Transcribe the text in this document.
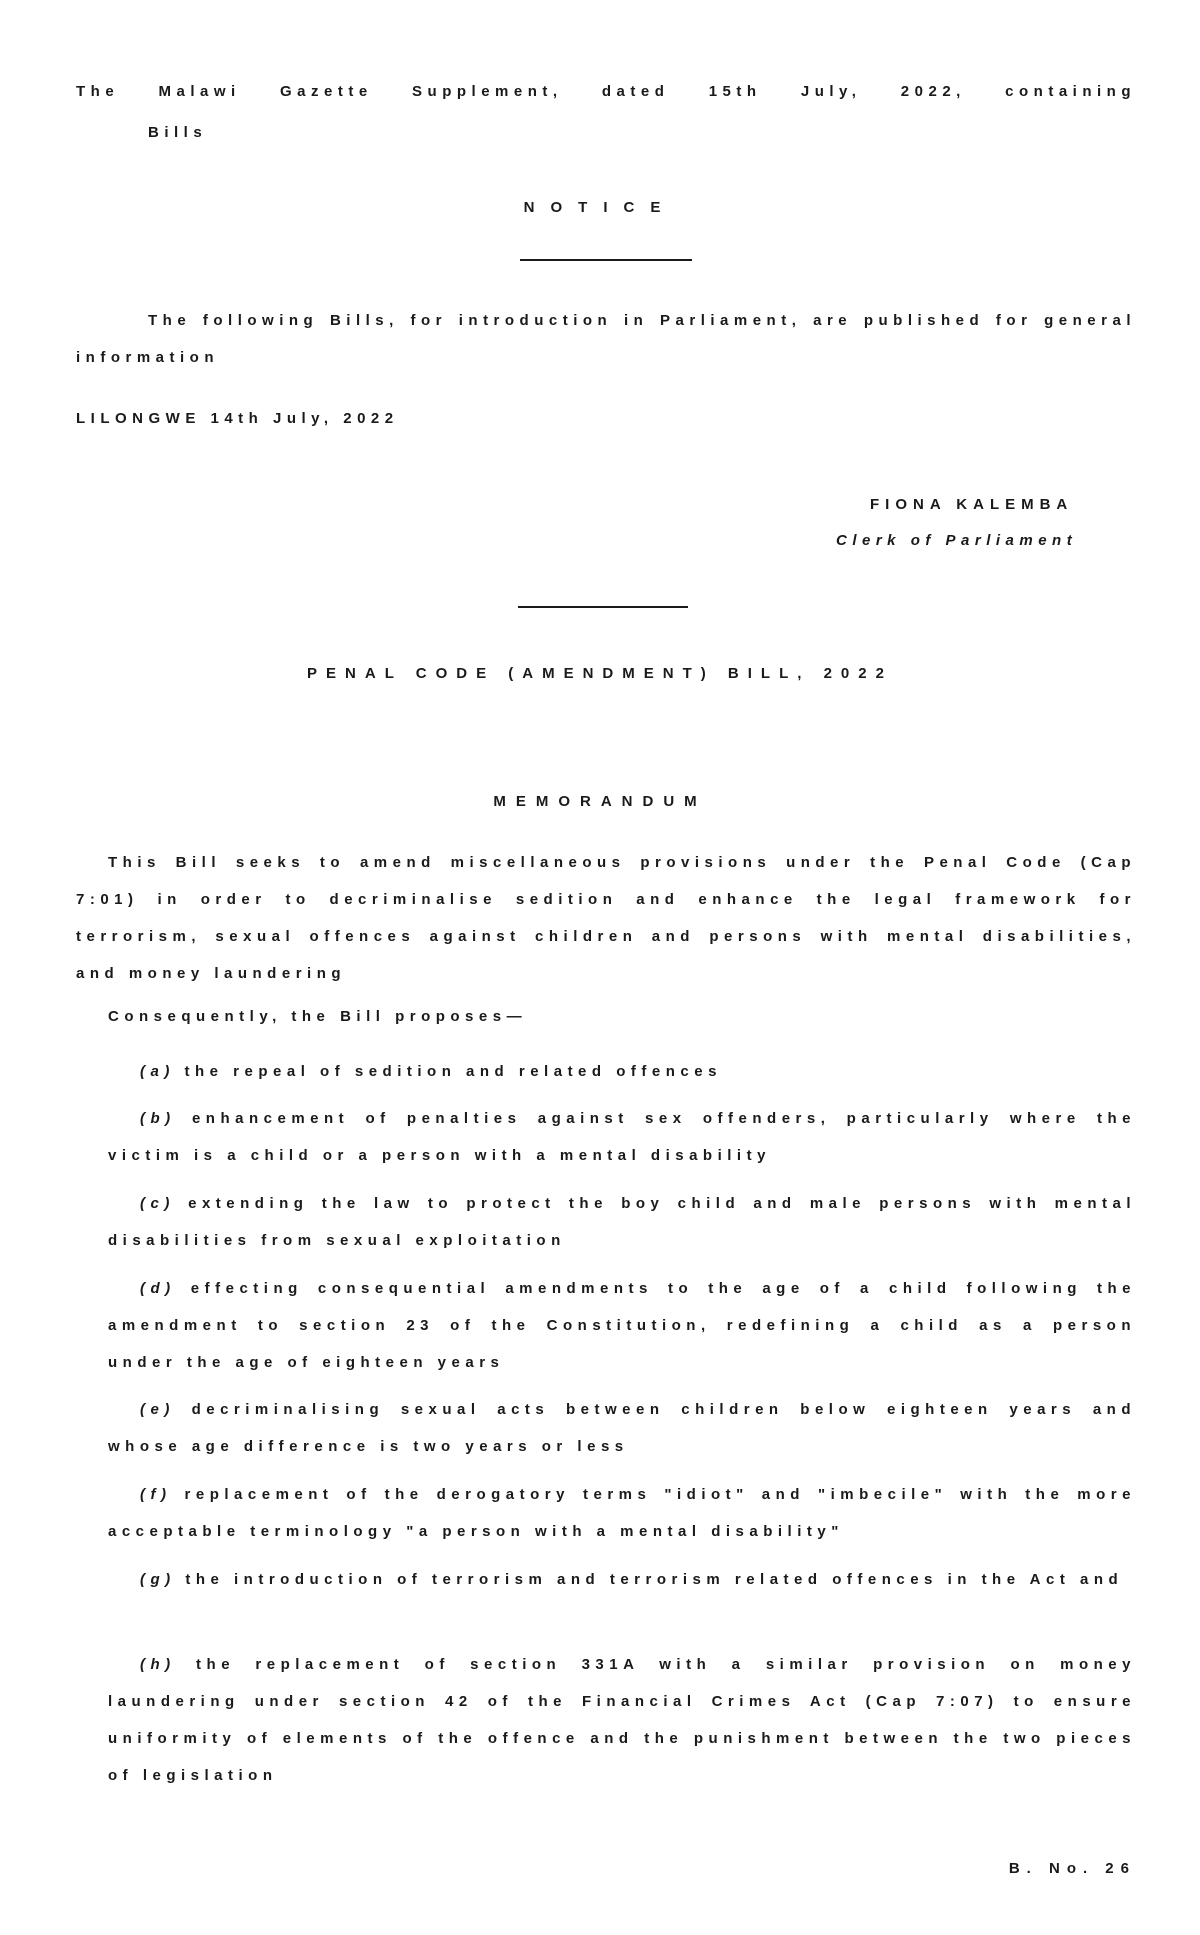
The Malawi Gazette Supplement, dated 15th July, 2022, containing
Bills
NOTICE
The following Bills, for introduction in Parliament, are published for general information
LILONGWE 14th July, 2022
FIONA KALEMBA
Clerk of Parliament
PENAL CODE (AMENDMENT) BILL, 2022
MEMORANDUM
This Bill seeks to amend miscellaneous provisions under the Penal Code (Cap 7:01) in order to decriminalise sedition and enhance the legal framework for terrorism, sexual offences against children and persons with mental disabilities, and money laundering
Consequently, the Bill proposes—
(a) the repeal of sedition and related offences
(b) enhancement of penalties against sex offenders, particularly where the victim is a child or a person with a mental disability
(c) extending the law to protect the boy child and male persons with mental disabilities from sexual exploitation
(d) effecting consequential amendments to the age of a child following the amendment to section 23 of the Constitution, redefining a child as a person under the age of eighteen years
(e) decriminalising sexual acts between children below eighteen years and whose age difference is two years or less
(f) replacement of the derogatory terms "idiot" and "imbecile" with the more acceptable terminology "a person with a mental disability"
(g) the introduction of terrorism and terrorism related offences in the Act and
(h) the replacement of section 331A with a similar provision on money laundering under section 42 of the Financial Crimes Act (Cap 7:07) to ensure uniformity of elements of the offence and the punishment between the two pieces of legislation
B. No. 26
